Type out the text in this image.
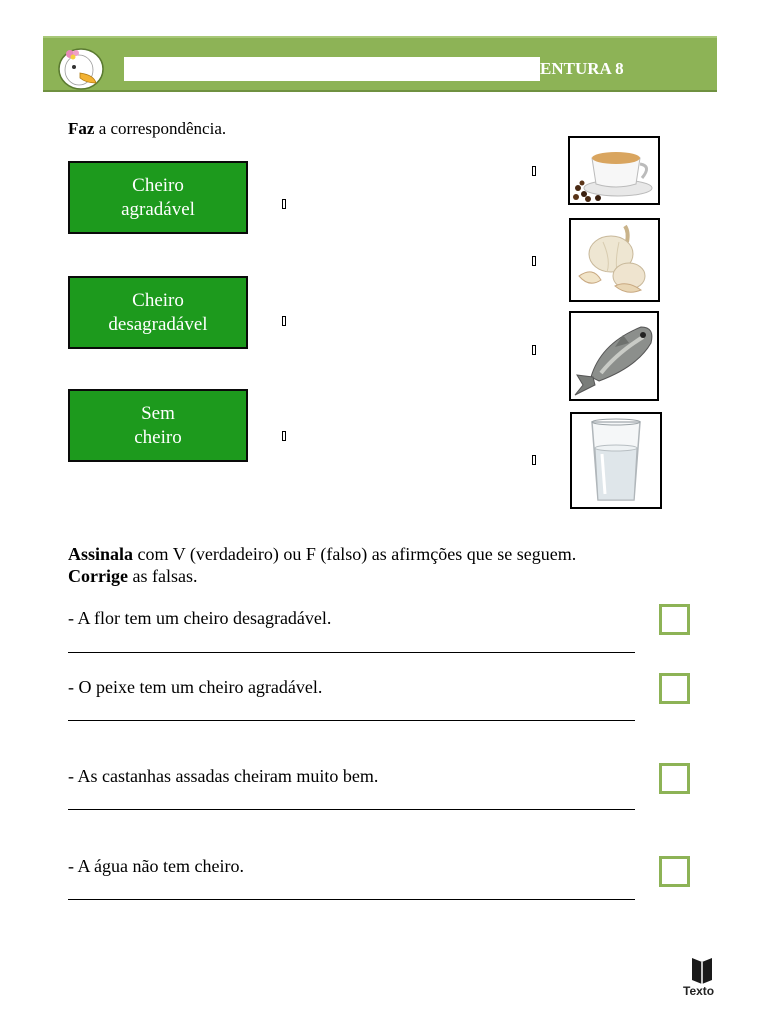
ENTURA 8
Faz a correspondência.
Cheiro
agradável
Cheiro
desagradável
Sem
cheiro
Assinala com V (verdadeiro) ou F (falso) as afirmções que se seguem.
Corrige as falsas.
- A flor tem um cheiro desagradável.
- O peixe tem um cheiro agradável.
- As castanhas assadas cheiram muito bem.
- A água não tem cheiro.
Texto
